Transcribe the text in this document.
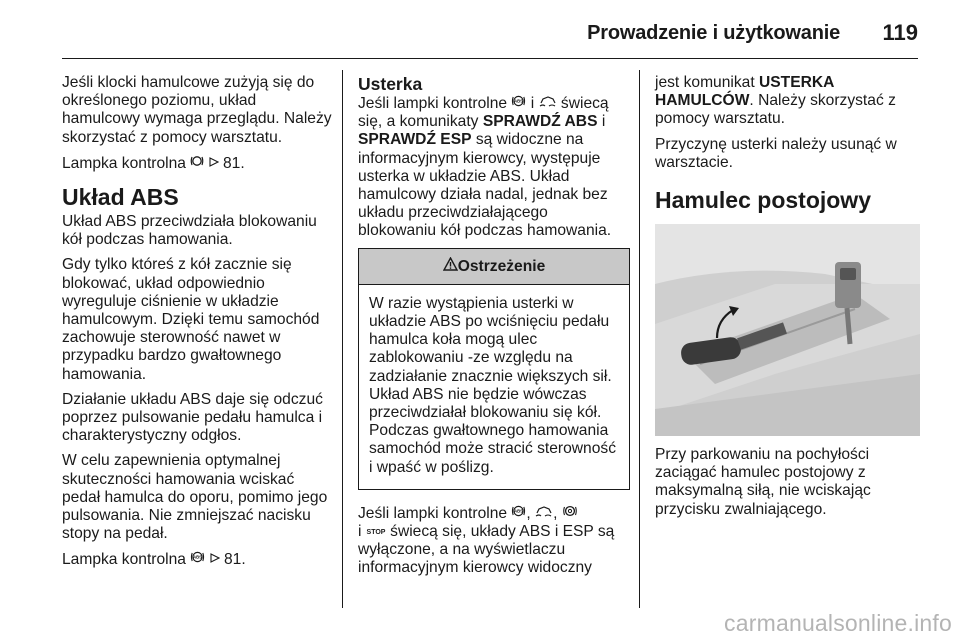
Prowadzenie i użytkowanie	119

Jeśli klocki hamulcowe zużyją się do określonego poziomu, układ hamulcowy wymaga przeglądu. Należy skorzystać z pomocy warsztatu.

Lampka kontrolna 81.

Układ ABS

Układ ABS przeciwdziała blokowaniu kół podczas hamowania.

Gdy tylko któreś z kół zacznie się blokować, układ odpowiednio wyreguluje ciśnienie w układzie hamulcowym. Dzięki temu samochód zachowuje sterowność nawet w przypadku bardzo gwałtownego hamowania.

Działanie układu ABS daje się odczuć poprzez pulsowanie pedału hamulca i charakterystyczny odgłos.

W celu zapewnienia optymalnej skuteczności hamowania wciskać pedał hamulca do oporu, pomimo jego pulsowania. Nie zmniejszać nacisku stopy na pedał.

Lampka kontrolna ABS 81.

Usterka

Jeśli lampki kontrolne ABS i świecą się, a komunikaty SPRAWDŹ ABS i SPRAWDŹ ESP są widoczne na informacyjnym kierowcy, występuje usterka w układzie ABS. Układ hamulcowy działa nadal, jednak bez układu przeciwdziałającego blokowaniu kół podczas hamowania.

Ostrzeżenie
W razie wystąpienia usterki w układzie ABS po wciśnięciu pedału hamulca koła mogą ulec zablokowaniu -ze względu na zadziałanie znacznie większych sił. Układ ABS nie będzie wówczas przeciwdziałał blokowaniu się kół. Podczas gwałtownego hamowania samochód może stracić sterowność i wpaść w poślizg.

Jeśli lampki kontrolne ABS , ,
i STOP świecą się, układy ABS i ESP są wyłączone, a na wyświetlaczu informacyjnym kierowcy widoczny

jest komunikat USTERKA HAMULCÓW. Należy skorzystać z pomocy warsztatu.

Przyczynę usterki należy usunąć w warsztacie.

Hamulec postojowy

Przy parkowaniu na pochyłości zaciągać hamulec postojowy z maksymalną siłą, nie wciskając przycisku zwalniającego.

carmanualsonline.info
